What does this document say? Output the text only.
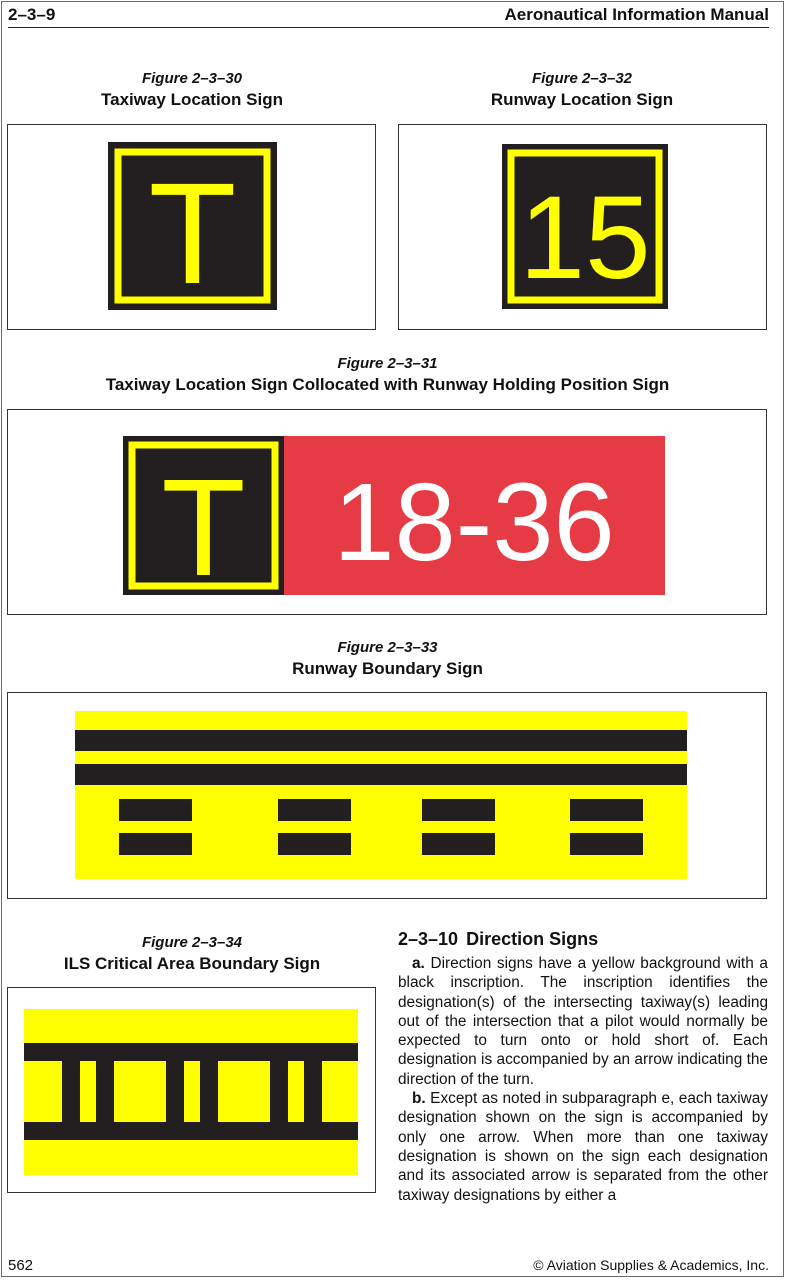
2–3–9	Aeronautical Information Manual
Figure 2–3–30
Taxiway Location Sign
T
Figure 2–3–32
Runway Location Sign
15
Figure 2–3–31
Taxiway Location Sign Collocated with Runway Holding Position Sign
T 18-36
Figure 2–3–33
Runway Boundary Sign
Figure 2–3–34
ILS Critical Area Boundary Sign
2–3–10 Direction Signs

a. Direction signs have a yellow background with a black inscription. The inscription identifies the designation(s) of the intersecting taxiway(s) leading out of the intersection that a pilot would normally be expected to turn onto or hold short of. Each designation is accompanied by an arrow indicating the direction of the turn.

b. Except as noted in subparagraph e, each taxiway designation shown on the sign is accompanied by only one arrow. When more than one taxiway designation is shown on the sign each designation and its associated arrow is separated from the other taxiway designations by either a

562	© Aviation Supplies & Academics, Inc.
